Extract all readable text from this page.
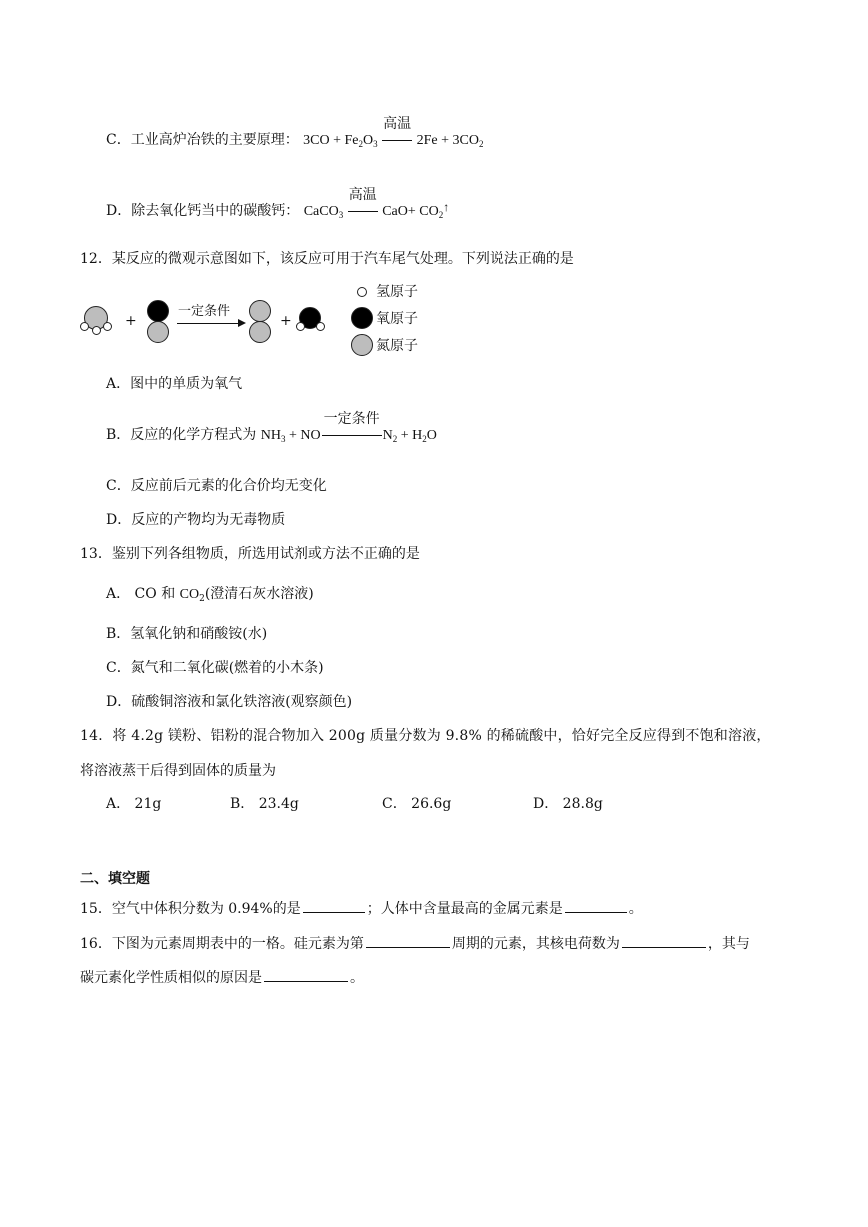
C．工业高炉冶铁的主要原理： $3CO + Fe_2O_3$
高温
$2Fe + 3CO_2$
D．除去氧化钙当中的碳酸钙： CaCO$_3$
高温
$CaO+ CO_2↑$
12．某反应的微观示意图如下，该反应可用于汽车尾气处理。下列说法正确的是
+
一定条件
+
氢原子
氧原子
氮原子
A．图中的单质为氧气
B．反应的化学方程式为 $NH_3$ + NO
一定条件
$N_2 + H_2O$
C．反应前后元素的化合价均无变化
D．反应的产物均为无毒物质
13．鉴别下列各组物质，所选用试剂或方法不正确的是
A． CO 和 $CO_2$(澄清石灰水溶液)
B．氢氧化钠和硝酸铵(水)
C．氮气和二氧化碳(燃着的小木条)
D．硫酸铜溶液和氯化铁溶液(观察颜色)
14．将 4.2g 镁粉、铝粉的混合物加入 200g 质量分数为 9.8% 的稀硫酸中，恰好完全反应得到不饱和溶液，
将溶液蒸干后得到固体的质量为
A． 21g	B． 23.4g	C． 26.6g	D． 28.8g
二、填空题
15．空气中体积分数为 0.94%的是	；人体中含量最高的金属元素是	。
16．下图为元素周期表中的一格。硅元素为第	周期的元素，其核电荷数为	，其与
碳元素化学性质相似的原因是	。
